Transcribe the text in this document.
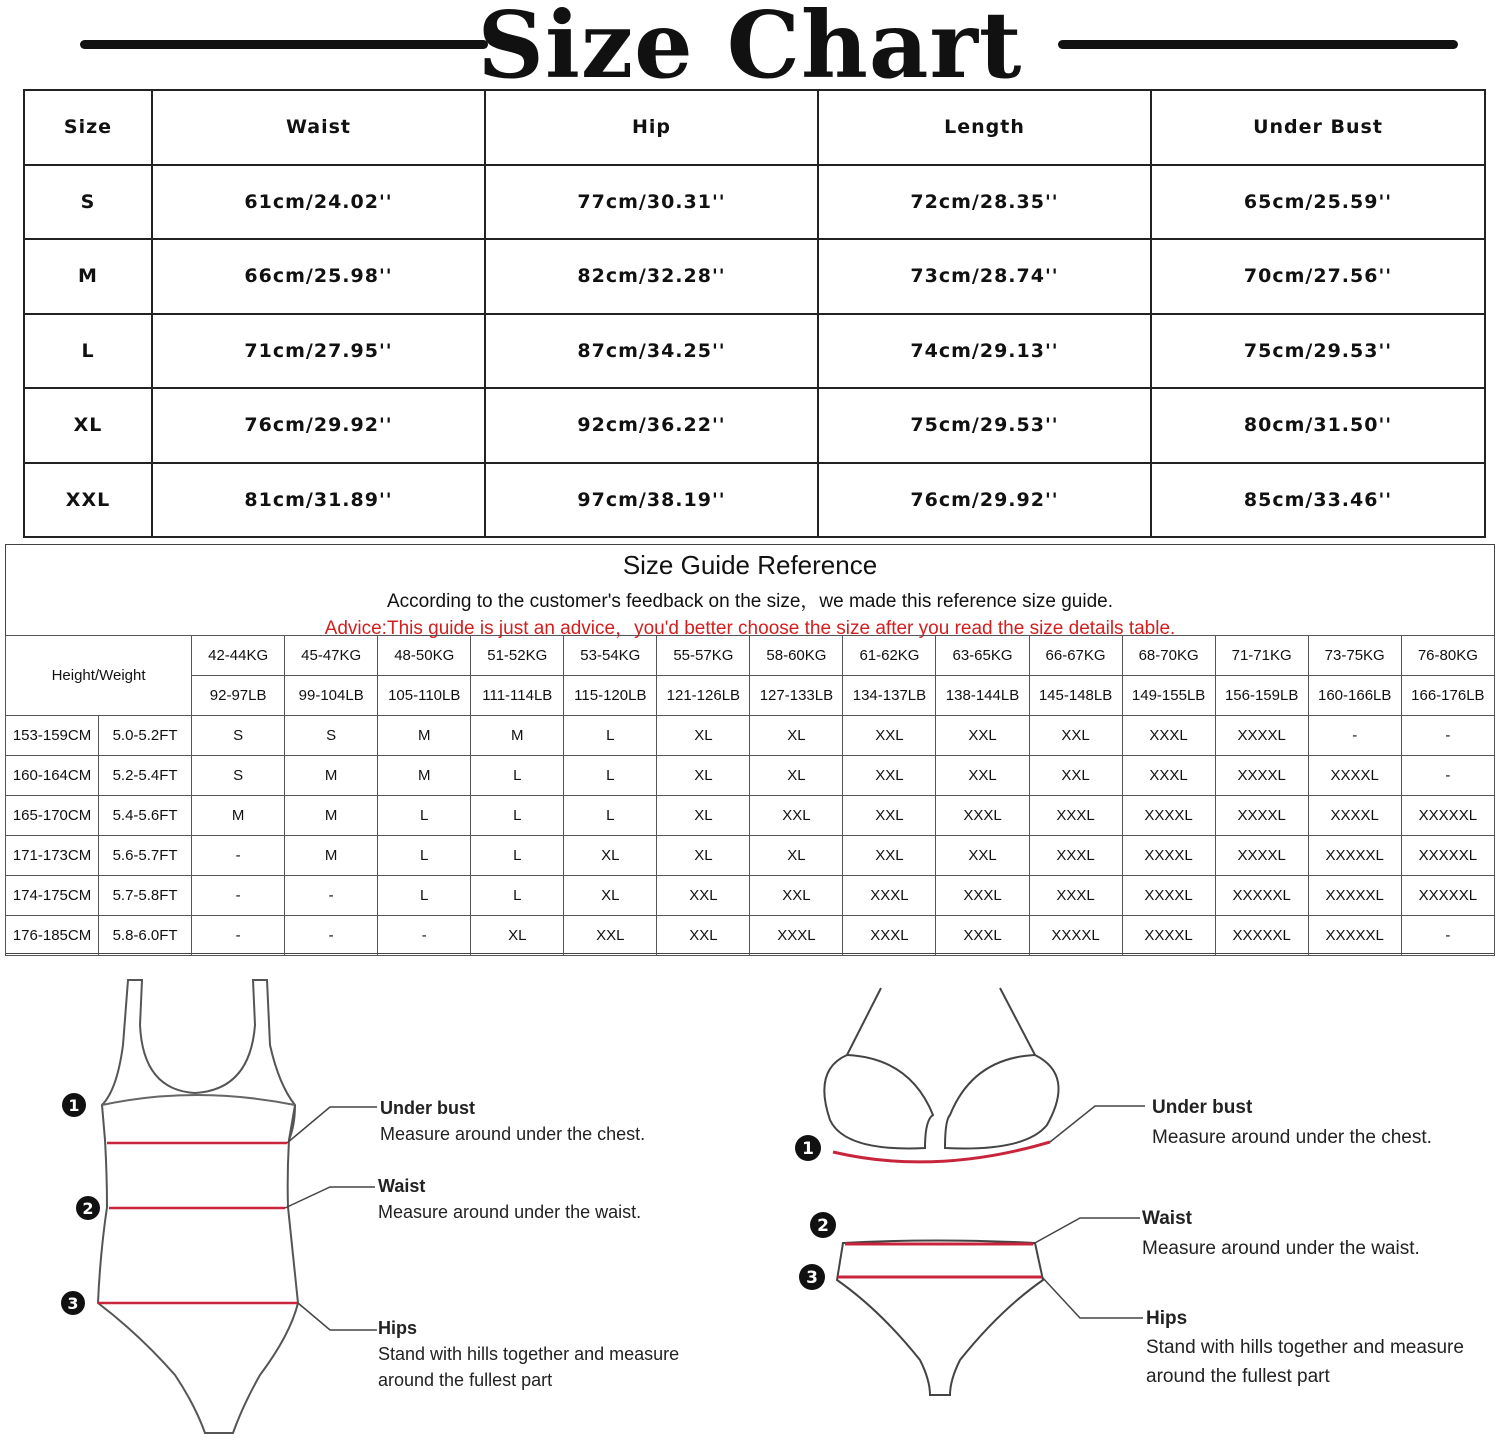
Size Chart
Size	Waist	Hip	Length	Under Bust
S	61cm/24.02''	77cm/30.31''	72cm/28.35''	65cm/25.59''
M	66cm/25.98''	82cm/32.28''	73cm/28.74''	70cm/27.56''
L	71cm/27.95''	87cm/34.25''	74cm/29.13''	75cm/29.53''
XL	76cm/29.92''	92cm/36.22''	75cm/29.53''	80cm/31.50''
XXL	81cm/31.89''	97cm/38.19''	76cm/29.92''	85cm/33.46''
Size Guide Reference
According to the customer's feedback on the size，we made this reference size guide.
Advice:This guide is just an advice，you'd better choose the size after you read the size details table.
Height/Weight		42-44KG	45-47KG	48-50KG	51-52KG	53-54KG	55-57KG	58-60KG	61-62KG	63-65KG	66-67KG	68-70KG	71-71KG	73-75KG	76-80KG
		92-97LB	99-104LB	105-110LB	111-114LB	115-120LB	121-126LB	127-133LB	134-137LB	138-144LB	145-148LB	149-155LB	156-159LB	160-166LB	166-176LB
153-159CM	5.0-5.2FT	S	S	M	M	L	XL	XL	XXL	XXL	XXL	XXXL	XXXXL	-	-
160-164CM	5.2-5.4FT	S	M	M	L	L	XL	XL	XXL	XXL	XXL	XXXL	XXXXL	XXXXL	-
165-170CM	5.4-5.6FT	M	M	L	L	L	XL	XXL	XXL	XXXL	XXXL	XXXXL	XXXXL	XXXXL	XXXXXL
171-173CM	5.6-5.7FT	-	M	L	L	XL	XL	XL	XXL	XXL	XXXL	XXXXL	XXXXL	XXXXXL	XXXXXL
174-175CM	5.7-5.8FT	-	-	L	L	XL	XXL	XXL	XXXL	XXXL	XXXL	XXXXL	XXXXXL	XXXXXL	XXXXXL
176-185CM	5.8-6.0FT	-	-	-	XL	XXL	XXL	XXXL	XXXL	XXXL	XXXXL	XXXXL	XXXXXL	XXXXXL	-
1
2
3
Under bust
Measure around under the chest.
Waist
Measure around under the waist.
Hips
Stand with hills together and measure
around the fullest part
1
2
3
Under bust
Measure around under the chest.
Waist
Measure around under the waist.
Hips
Stand with hills together and measure
around the fullest part
